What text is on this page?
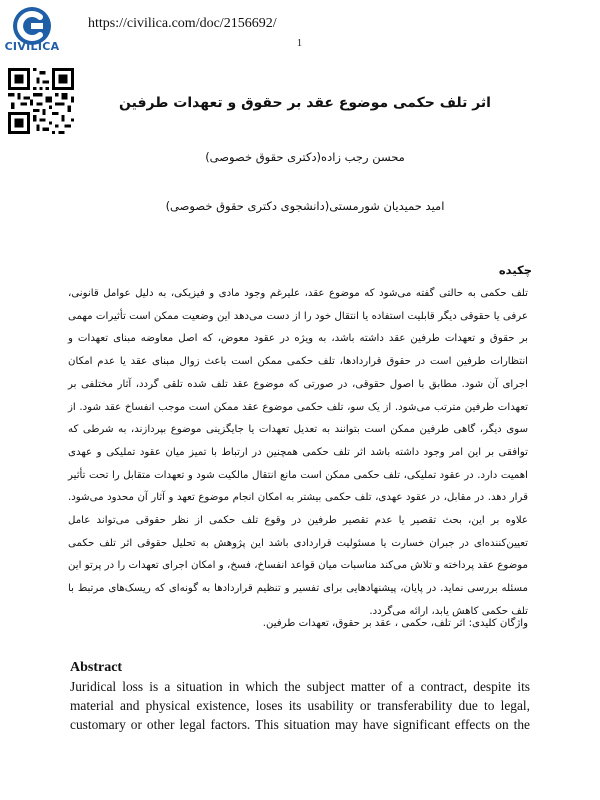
CIVILICA
https://civilica.com/doc/2156692/
1
اثر تلف حکمی موضوع عقد بر حقوق و تعهدات طرفین
محسن رجب زاده(دکتری حقوق خصوصی)
امید حمیدیان شورمستی(دانشجوی دکتری حقوق خصوصی)
چکیده
تلف حکمی به حالتی گفته می‌شود که موضوع عقد، علیرغم وجود مادی و فیزیکی، به دلیل عوامل قانونی، عرفی یا حقوقی دیگر قابلیت استفاده یا انتقال خود را از دست می‌دهد این وضعیت ممکن است تأثیرات مهمی بر حقوق و تعهدات طرفین عقد داشته باشد، به ویژه در عقود معوض، که اصل معاوضه مبنای تعهدات و انتظارات طرفین است در حقوق قراردادها، تلف حکمی ممکن است باعث زوال مبنای عقد یا عدم امکان اجرای آن شود. مطابق با اصول حقوقی، در صورتی که موضوع عقد تلف شده تلقی گردد، آثار مختلفی بر تعهدات طرفین مترتب می‌شود. از یک سو، تلف حکمی موضوع عقد ممکن است موجب انفساخ عقد شود. از سوی دیگر، گاهی طرفین ممکن است بتوانند به تعدیل تعهدات یا جایگزینی موضوع بپردازند، به شرطی که توافقی بر این امر وجود داشته باشد اثر تلف حکمی همچنین در ارتباط با تمیز میان عقود تملیکی و عهدی اهمیت دارد. در عقود تملیکی، تلف حکمی ممکن است مانع انتقال مالکیت شود و تعهدات متقابل را تحت تأثیر قرار دهد. در مقابل، در عقود عهدی، تلف حکمی بیشتر به امکان انجام موضوع تعهد و آثار آن محدود می‌شود. علاوه بر این، بحث تقصیر یا عدم تقصیر طرفین در وقوع تلف حکمی از نظر حقوقی می‌تواند عامل تعیین‌کننده‌ای در جبران خسارت یا مسئولیت قراردادی باشد این پژوهش به تحلیل حقوقی اثر تلف حکمی موضوع عقد پرداخته و تلاش می‌کند مناسبات میان قواعد انفساخ، فسخ، و امکان اجرای تعهدات را در پرتو این مسئله بررسی نماید. در پایان، پیشنهادهایی برای تفسیر و تنظیم قراردادها به گونه‌ای که ریسک‌های مرتبط با تلف حکمی کاهش یابد، ارائه می‌گردد.
واژگان کلیدی: اثر تلف، حکمی ، عقد بر حقوق، تعهدات طرفین.
Abstract
Juridical loss is a situation in which the subject matter of a contract, despite its material and physical existence, loses its usability or transferability due to legal, customary or other legal factors. This situation may have significant effects on the
